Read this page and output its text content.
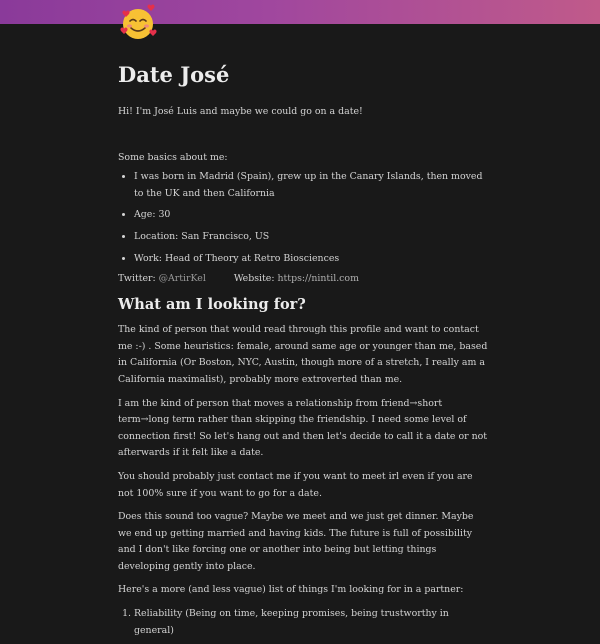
Date José

Hi! I'm José Luis and maybe we could go on a date!

Some basics about me:

• I was born in Madrid (Spain), grew up in the Canary Islands, then moved to the UK and then California
• Age: 30
• Location: San Francisco, US
• Work: Head of Theory at Retro Biosciences
Twitter: @ArtirKel	Website: https://nintil.com
What am I looking for?

The kind of person that would read through this profile and want to contact me :-) . Some heuristics: female, around same age or younger than me, based in California (Or Boston, NYC, Austin, though more of a stretch, I really am a California maximalist), probably more extroverted than me.

I am the kind of person that moves a relationship from friend→short term→long term rather than skipping the friendship. I need some level of connection first! So let's hang out and then let's decide to call it a date or not afterwards if it felt like a date.

You should probably just contact me if you want to meet irl even if you are not 100% sure if you want to go for a date.

Does this sound too vague? Maybe we meet and we just get dinner. Maybe we end up getting married and having kids. The future is full of possibility and I don't like forcing one or another into being but letting things developing gently into place.

Here's a more (and less vague) list of things I'm looking for in a partner:

1. Reliability (Being on time, keeping promises, being trustworthy in general)
